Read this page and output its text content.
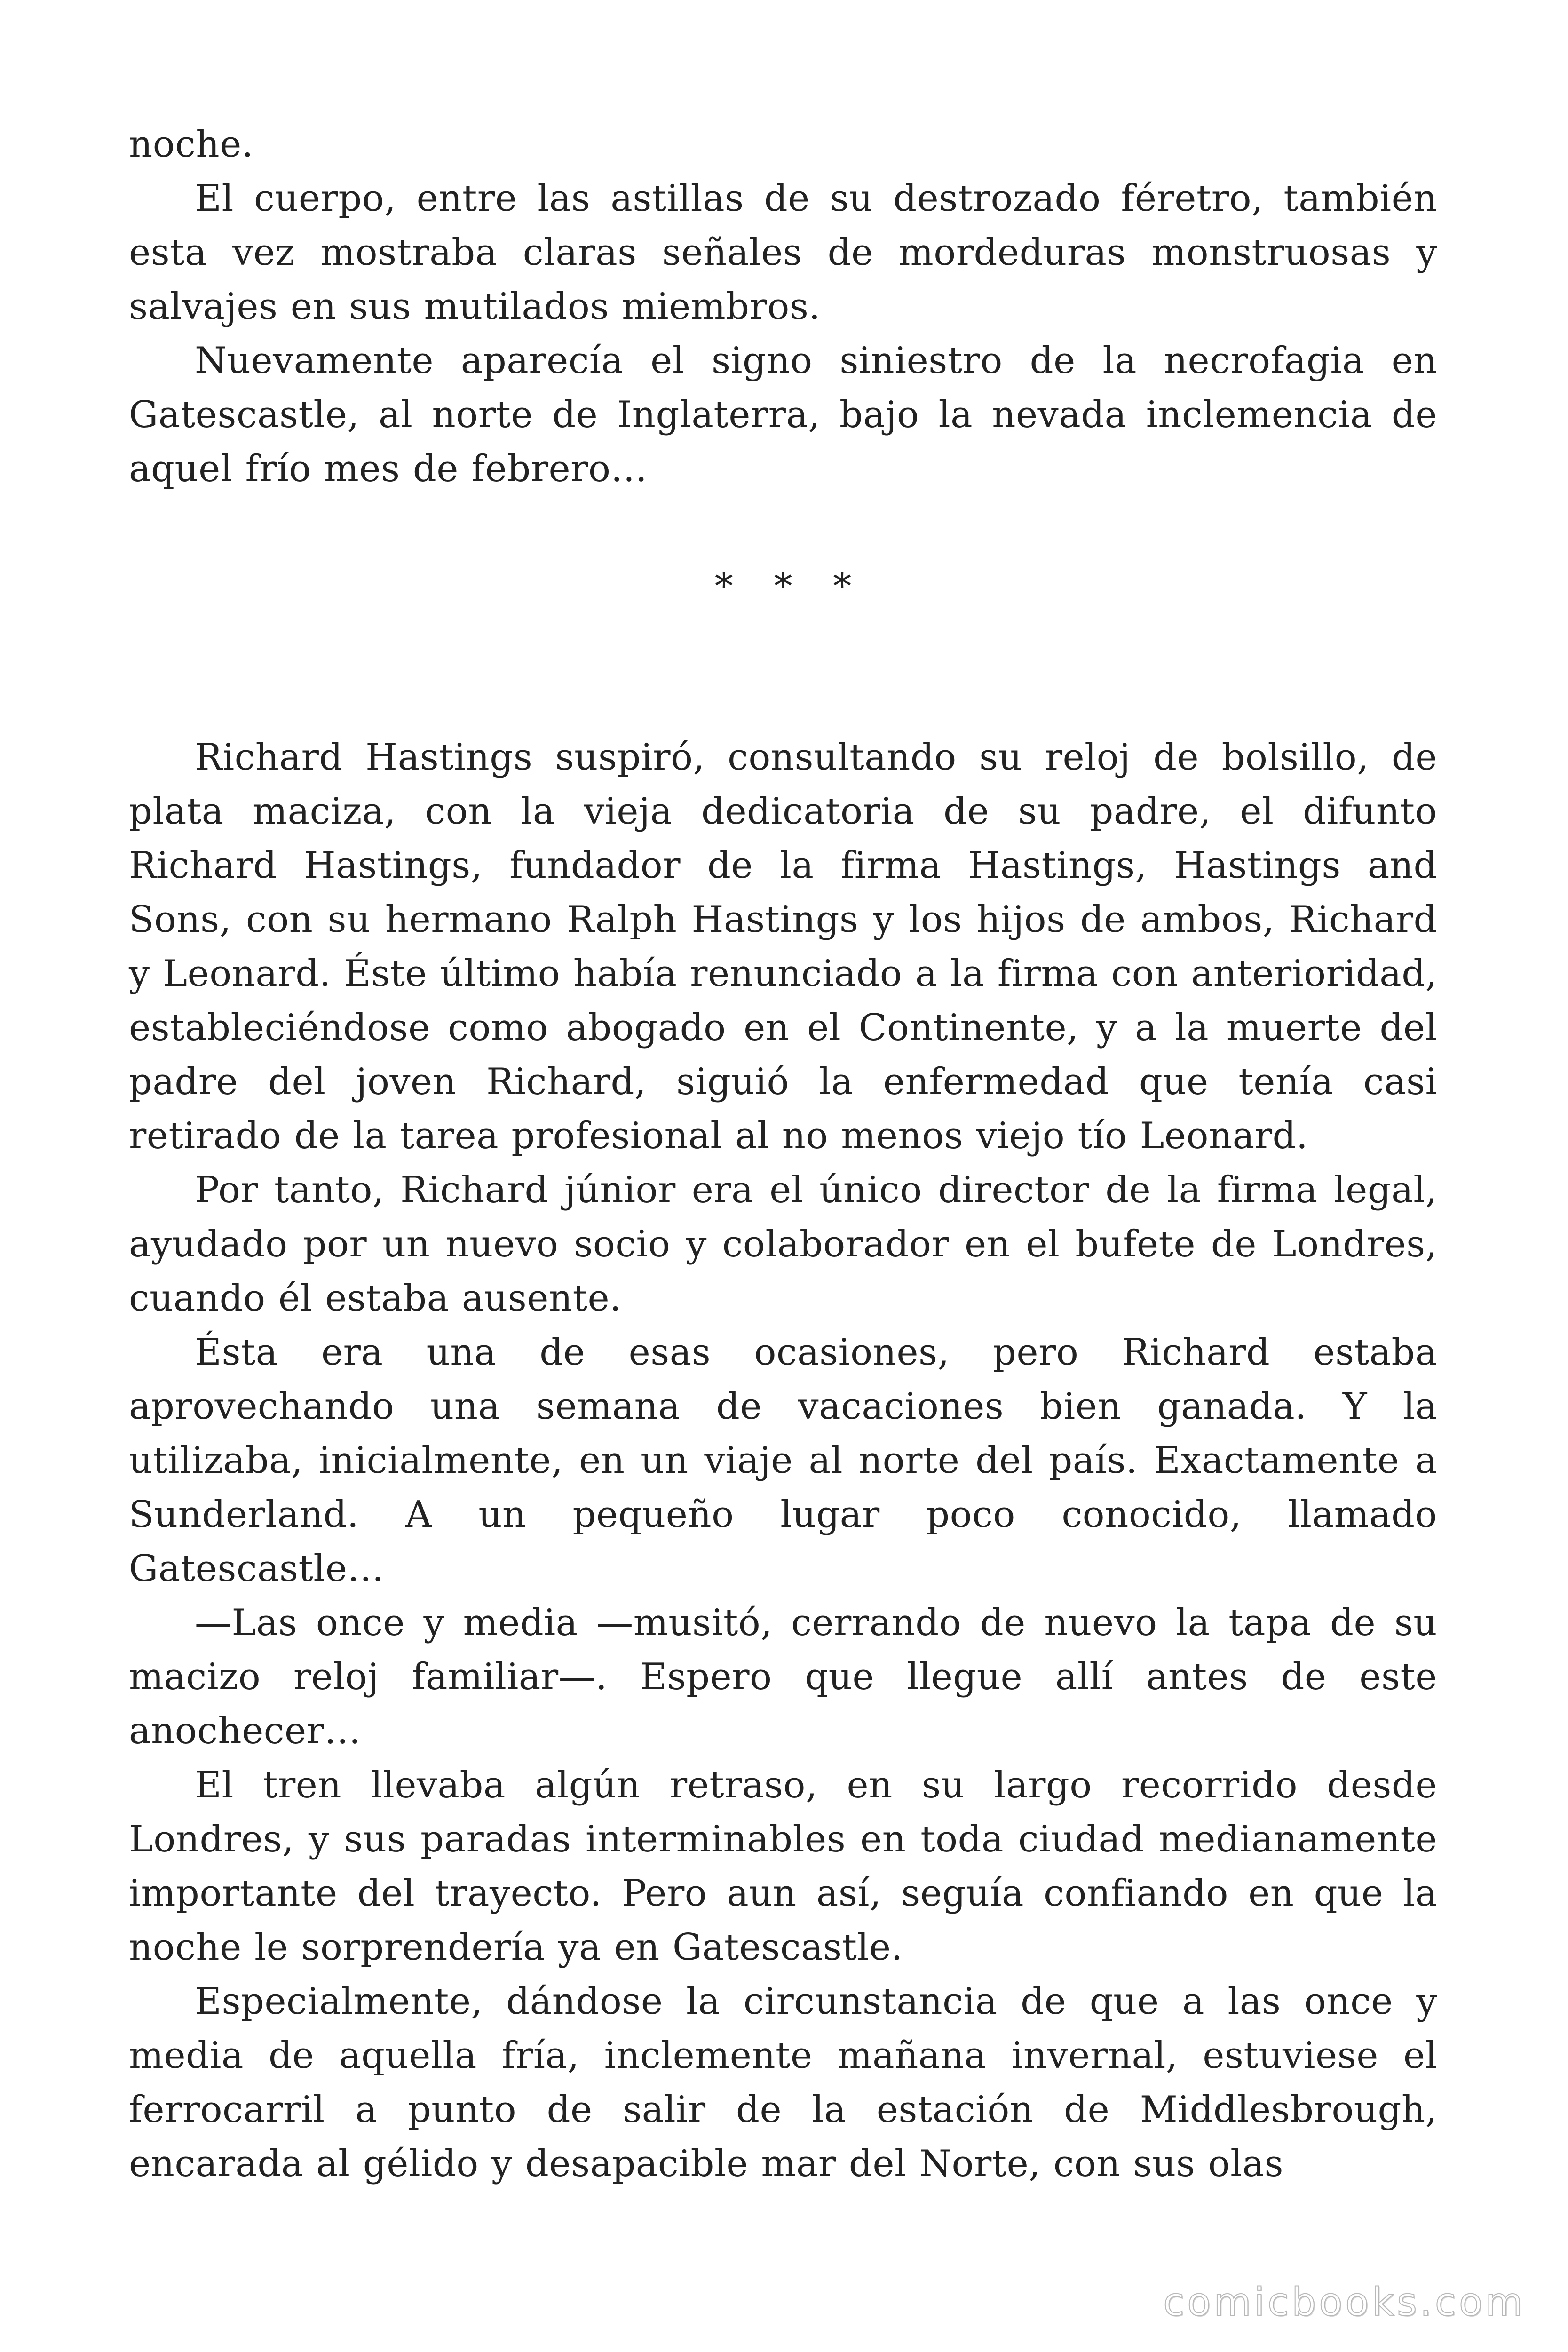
noche.

El cuerpo, entre las astillas de su destrozado féretro, también esta vez mostraba claras señales de mordeduras monstruosas y salvajes en sus mutilados miembros.

Nuevamente aparecía el signo siniestro de la necrofagia en Gatescastle, al norte de Inglaterra, bajo la nevada inclemencia de aquel frío mes de febrero…

* * *

Richard Hastings suspiró, consultando su reloj de bolsillo, de plata maciza, con la vieja dedicatoria de su padre, el difunto Richard Hastings, fundador de la firma Hastings, Hastings and Sons, con su hermano Ralph Hastings y los hijos de ambos, Richard y Leonard. Éste último había renunciado a la firma con anterioridad, estableciéndose como abogado en el Continente, y a la muerte del padre del joven Richard, siguió la enfermedad que tenía casi retirado de la tarea profesional al no menos viejo tío Leonard.

Por tanto, Richard júnior era el único director de la firma legal, ayudado por un nuevo socio y colaborador en el bufete de Londres, cuando él estaba ausente.

Ésta era una de esas ocasiones, pero Richard estaba aprovechando una semana de vacaciones bien ganada. Y la utilizaba, inicialmente, en un viaje al norte del país. Exactamente a Sunderland. A un pequeño lugar poco conocido, llamado Gatescastle…

—Las once y media —musitó, cerrando de nuevo la tapa de su macizo reloj familiar—. Espero que llegue allí antes de este anochecer…

El tren llevaba algún retraso, en su largo recorrido desde Londres, y sus paradas interminables en toda ciudad medianamente importante del trayecto. Pero aun así, seguía confiando en que la noche le sorprendería ya en Gatescastle.

Especialmente, dándose la circunstancia de que a las once y media de aquella fría, inclemente mañana invernal, estuviese el ferrocarril a punto de salir de la estación de Middlesbrough, encarada al gélido y desapacible mar del Norte, con sus olas

comicbooks.com
